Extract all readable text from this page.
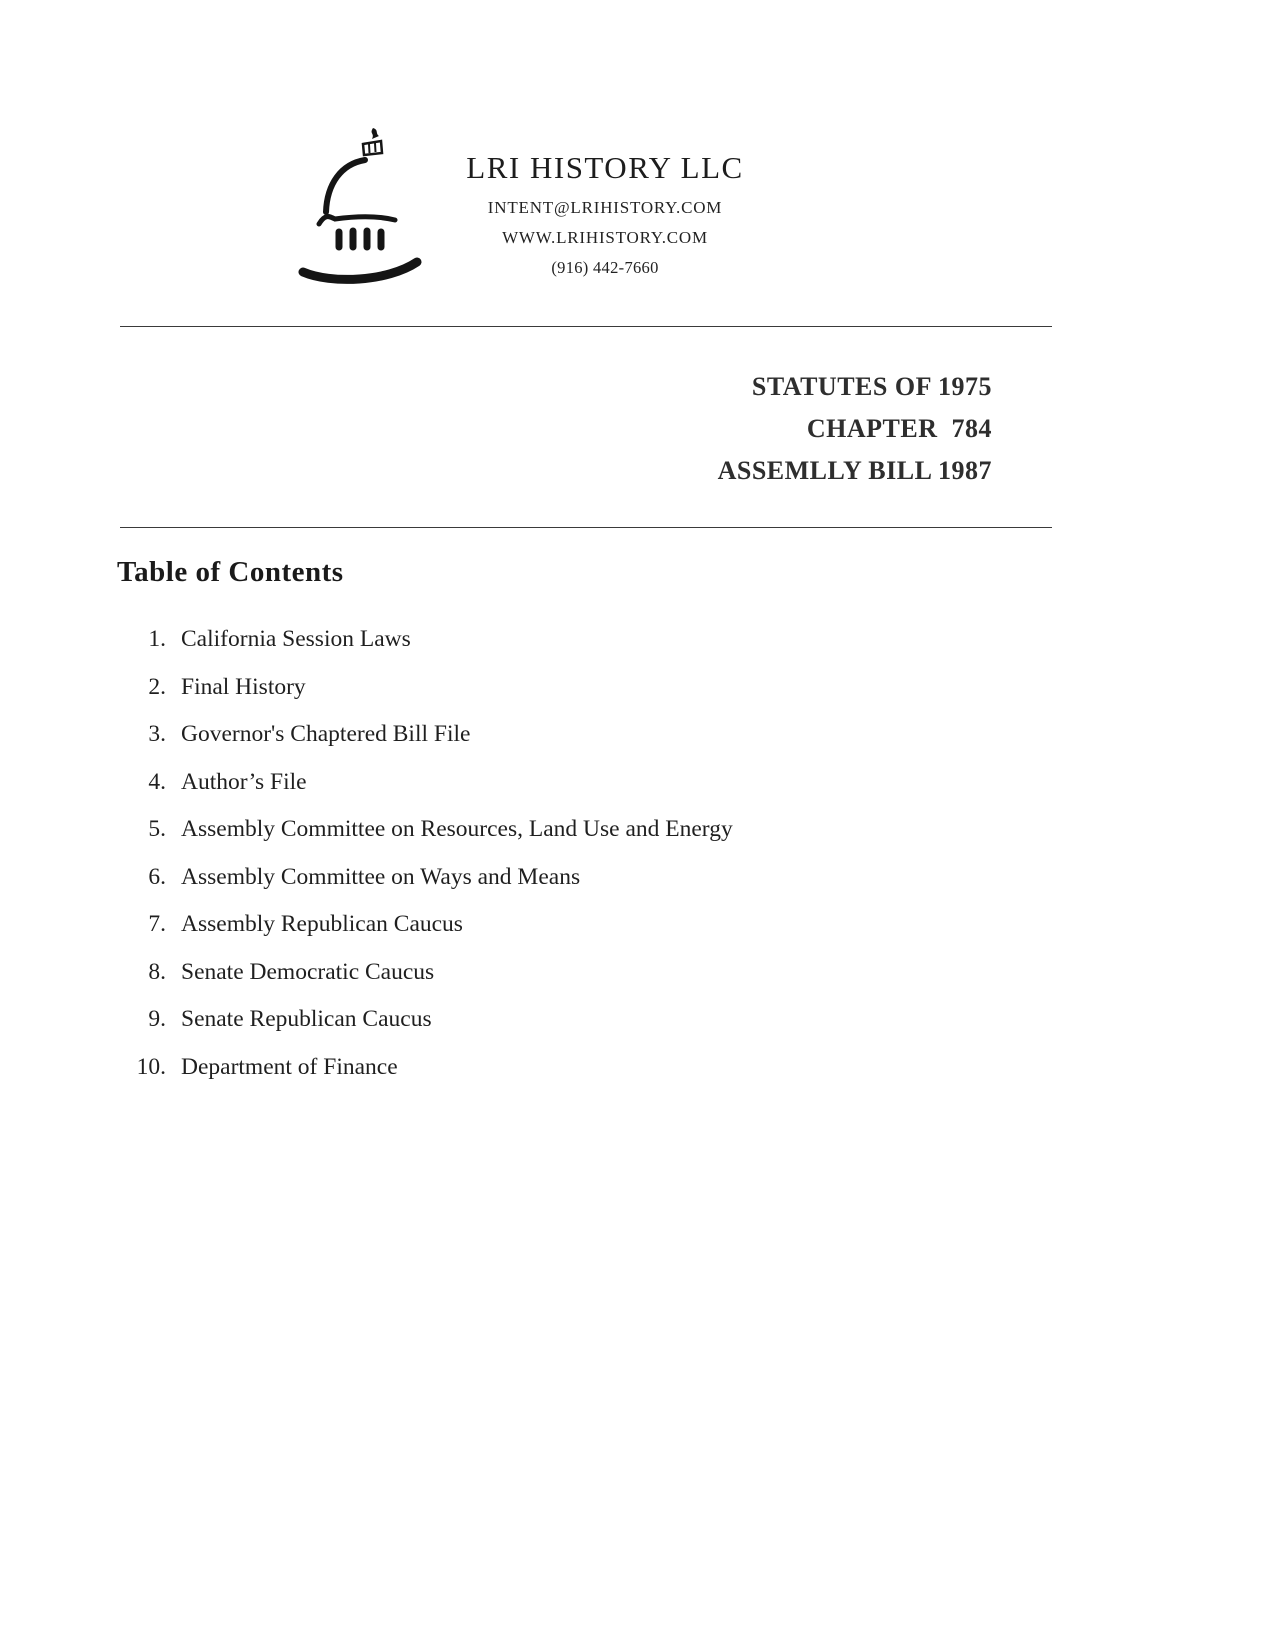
LRI HISTORY LLC
INTENT@LRIHISTORY.COM
WWW.LRIHISTORY.COM
(916) 442-7660
STATUTES OF 1975
CHAPTER  784
ASSEMLLY BILL 1987
Table of Contents
1. California Session Laws
2. Final History
3. Governor's Chaptered Bill File
4. Author’s File
5. Assembly Committee on Resources, Land Use and Energy
6. Assembly Committee on Ways and Means
7. Assembly Republican Caucus
8. Senate Democratic Caucus
9. Senate Republican Caucus
10. Department of Finance
